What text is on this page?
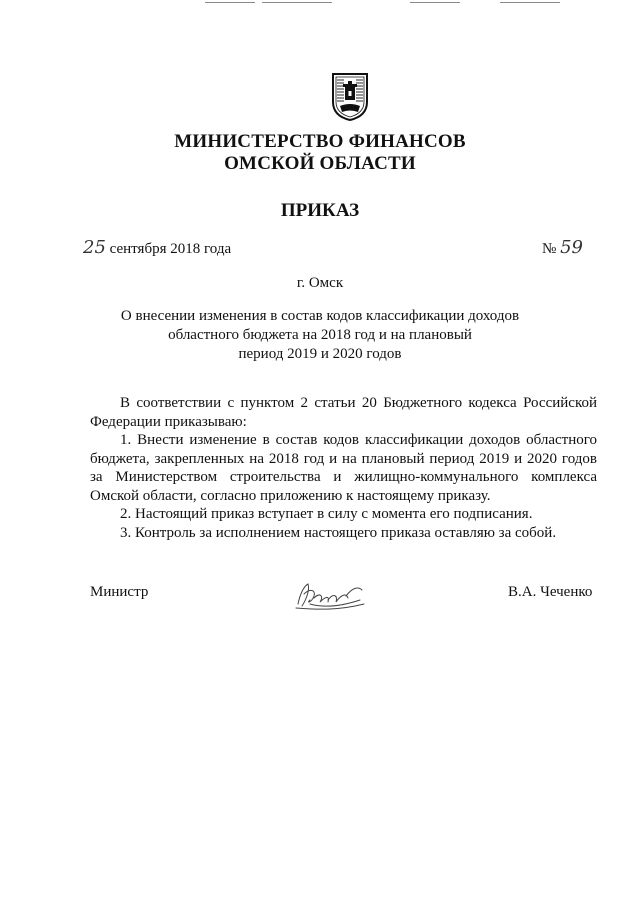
МИНИСТЕРСТВО ФИНАНСОВ
ОМСКОЙ ОБЛАСТИ
ПРИКАЗ
25 сентября 2018 года	№ 59
г. Омск
О внесении изменения в состав кодов классификации доходов
областного бюджета на 2018 год и на плановый
период 2019 и 2020 годов

В соответствии с пунктом 2 статьи 20 Бюджетного кодекса Российской Федерации приказываю:

1. Внести изменение в состав кодов классификации доходов областного бюджета, закрепленных на 2018 год и на плановый период 2019 и 2020 годов за Министерством строительства и жилищно-коммунального комплекса Омской области, согласно приложению к настоящему приказу.

2. Настоящий приказ вступает в силу с момента его подписания.

3. Контроль за исполнением настоящего приказа оставляю за собой.

Министр	В.А. Чеченко
